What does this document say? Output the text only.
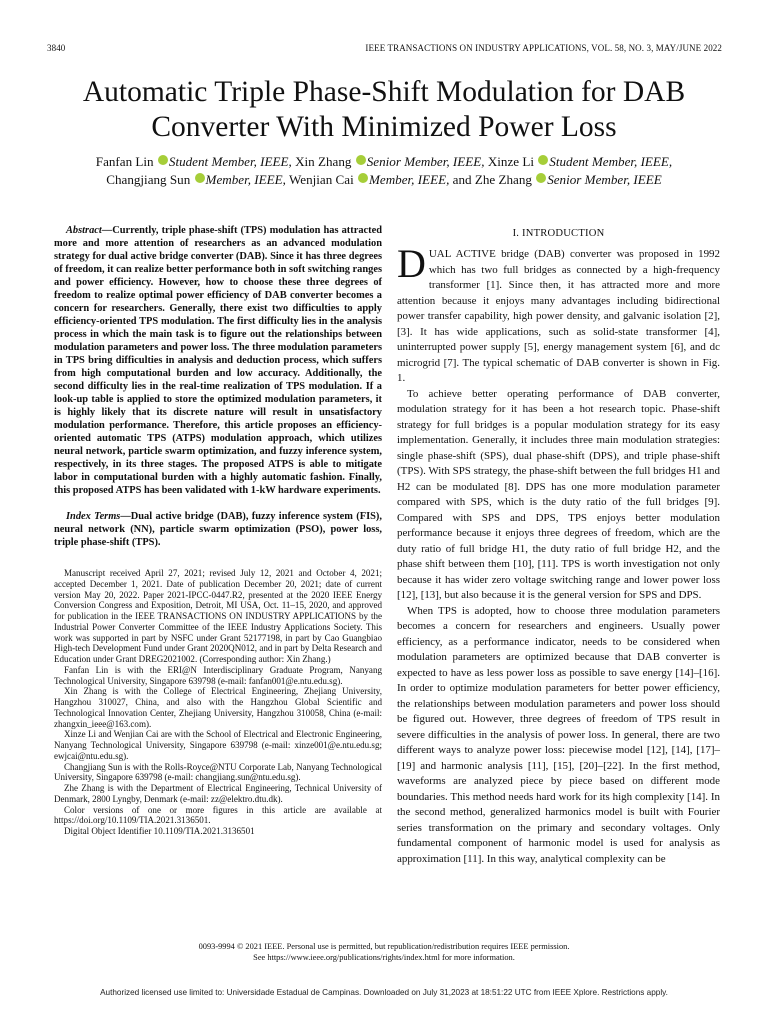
3840	IEEE TRANSACTIONS ON INDUSTRY APPLICATIONS, VOL. 58, NO. 3, MAY/JUNE 2022
Automatic Triple Phase-Shift Modulation for DAB
Converter With Minimized Power Loss
Fanfan Lin Student Member, IEEE, Xin Zhang Senior Member, IEEE, Xinze Li Student Member, IEEE,
Changjiang Sun Member, IEEE, Wenjian Cai Member, IEEE, and Zhe Zhang Senior Member, IEEE

Abstract—Currently, triple phase-shift (TPS) modulation has attracted more and more attention of researchers as an advanced modulation strategy for dual active bridge converter (DAB). Since it has three degrees of freedom, it can realize better performance both in soft switching ranges and power efficiency. However, how to choose these three degrees of freedom to realize optimal power efficiency of DAB converter becomes a concern for researchers. Generally, there exist two difficulties to apply efficiency-oriented TPS modulation. The first difficulty lies in the analysis process in which the main task is to figure out the relationships between modulation parameters and power loss. The three modulation parameters in TPS bring difficulties in analysis and deduction process, which suffers from high computational burden and low accuracy. Additionally, the second difficulty lies in the real-time realization of TPS modulation. If a look-up table is applied to store the optimized modulation parameters, it is highly likely that its discrete nature will result in unsatisfactory modulation performance. Therefore, this article proposes an efficiency-oriented automatic TPS (ATPS) modulation approach, which utilizes neural network, particle swarm optimization, and fuzzy inference system, respectively, in its three stages. The proposed ATPS is able to mitigate labor in computational burden with a highly automatic fashion. Finally, this proposed ATPS has been validated with 1-kW hardware experiments.

Index Terms—Dual active bridge (DAB), fuzzy inference system (FIS), neural network (NN), particle swarm optimization (PSO), power loss, triple phase-shift (TPS).

Manuscript received April 27, 2021; revised July 12, 2021 and October 4, 2021; accepted December 1, 2021. Date of publication December 20, 2021; date of current version May 20, 2022. Paper 2021-IPCC-0447.R2, presented at the 2020 IEEE Energy Conversion Congress and Exposition, Detroit, MI USA, Oct. 11–15, 2020, and approved for publication in the IEEE TRANSACTIONS ON INDUSTRY APPLICATIONS by the Industrial Power Converter Committee of the IEEE Industry Applications Society. This work was supported in part by NSFC under Grant 52177198, in part by Cao Guangbiao High-tech Development Fund under Grant 2020QN012, and in part by Delta Research and Education under Grant DREG2021002. (Corresponding author: Xin Zhang.)

Fanfan Lin is with the ERI@N Interdisciplinary Graduate Program, Nanyang Technological University, Singapore 639798 (e-mail: fanfan001@e.ntu.edu.sg).

Xin Zhang is with the College of Electrical Engineering, Zhejiang University, Hangzhou 310027, China, and also with the Hangzhou Global Scientific and Technological Innovation Center, Zhejiang University, Hangzhou 310058, China (e-mail: zhangxin_ieee@163.com).

Xinze Li and Wenjian Cai are with the School of Electrical and Electronic Engineering, Nanyang Technological University, Singapore 639798 (e-mail: xinze001@e.ntu.edu.sg; ewjcai@ntu.edu.sg).

Changjiang Sun is with the Rolls-Royce@NTU Corporate Lab, Nanyang Technological University, Singapore 639798 (e-mail: changjiang.sun@ntu.edu.sg).

Zhe Zhang is with the Department of Electrical Engineering, Technical University of Denmark, 2800 Lyngby, Denmark (e-mail: zz@elektro.dtu.dk).

Color versions of one or more figures in this article are available at https://doi.org/10.1109/TIA.2021.3136501.

Digital Object Identifier 10.1109/TIA.2021.3136501

I. INTRODUCTION

DUAL ACTIVE bridge (DAB) converter was proposed in 1992 which has two full bridges as connected by a high-frequency transformer [1]. Since then, it has attracted more and more attention because it enjoys many advantages including bidirectional power transfer capability, high power density, and galvanic isolation [2], [3]. It has wide applications, such as solid-state transformer [4], uninterrupted power supply [5], energy management system [6], and dc microgrid [7]. The typical schematic of DAB converter is shown in Fig. 1.

To achieve better operating performance of DAB converter, modulation strategy for it has been a hot research topic. Phase-shift strategy for full bridges is a popular modulation strategy for its easy implementation. Generally, it includes three main modulation strategies: single phase-shift (SPS), dual phase-shift (DPS), and triple phase-shift (TPS). With SPS strategy, the phase-shift between the full bridges H1 and H2 can be modulated [8]. DPS has one more modulation parameter compared with SPS, which is the duty ratio of the full bridges [9]. Compared with SPS and DPS, TPS enjoys better modulation performance because it enjoys three degrees of freedom, which are the duty ratio of full bridge H1, the duty ratio of full bridge H2, and the phase shift between them [10], [11]. TPS is worth investigation not only because it has wider zero voltage switching range and lower power loss [12], [13], but also because it is the general version for SPS and DPS.

When TPS is adopted, how to choose three modulation parameters becomes a concern for researchers and engineers. Usually power efficiency, as a performance indicator, needs to be considered when modulation parameters are optimized because that DAB converter is expected to have as less power loss as possible to save energy [14]–[16]. In order to optimize modulation parameters for better power efficiency, the relationships between modulation parameters and power loss should be figured out. However, three degrees of freedom of TPS result in severe difficulties in the analysis of power loss. In general, there are two different ways to analyze power loss: piecewise model [12], [14], [17]–[19] and harmonic analysis [11], [15], [20]–[22]. In the first method, waveforms are analyzed piece by piece based on different mode boundaries. This method needs hard work for its high complexity [14]. In the second method, generalized harmonics model is built with Fourier series transformation on the primary and secondary voltages. Only fundamental component of harmonic model is used for analysis as approximation [11]. In this way, analytical complexity can be

0093-9994 © 2021 IEEE. Personal use is permitted, but republication/redistribution requires IEEE permission.
See https://www.ieee.org/publications/rights/index.html for more information.
Authorized licensed use limited to: Universidade Estadual de Campinas. Downloaded on July 31,2023 at 18:51:22 UTC from IEEE Xplore. Restrictions apply.
